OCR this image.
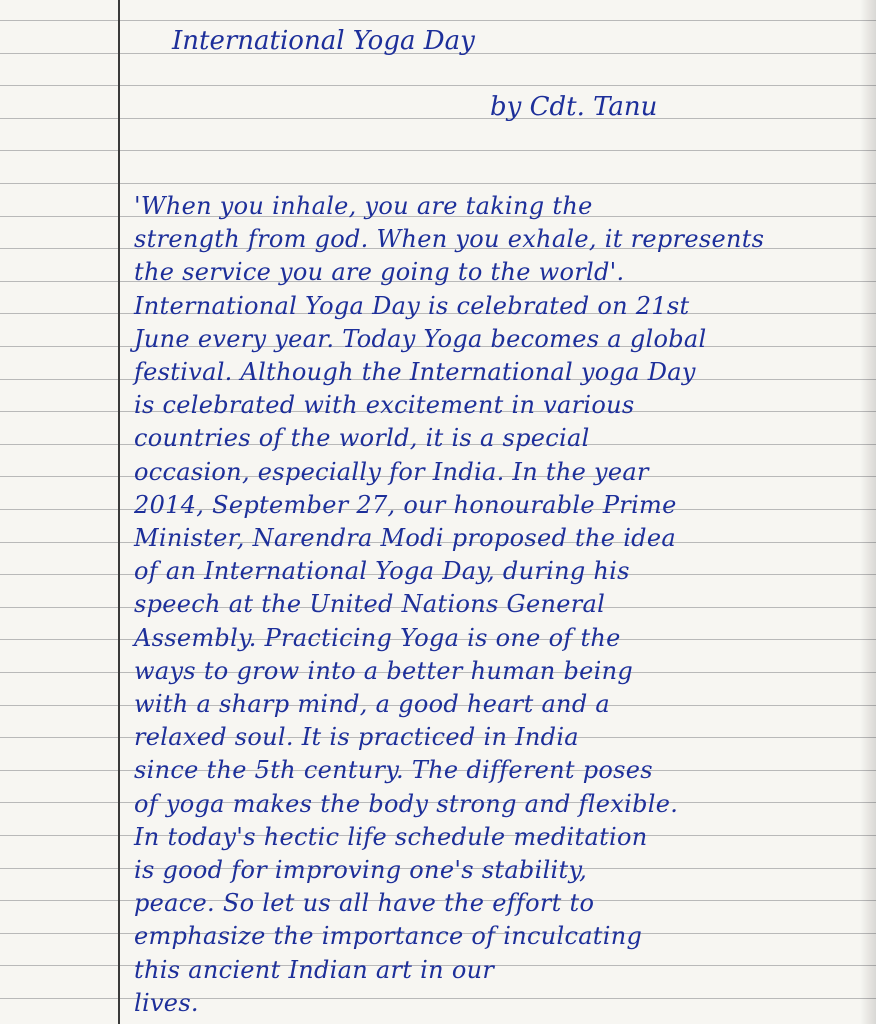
International Yoga Day
by Cdt. Tanu
'When you inhale, you are taking the
strength from god. When you exhale, it represents
the service you are going to the world'.
International Yoga Day is celebrated on 21st
June every year. Today Yoga becomes a global
festival. Although the International yoga Day
is celebrated with excitement in various
countries of the world, it is a special
occasion, especially for India. In the year
2014, September 27, our honourable Prime
Minister, Narendra Modi proposed the idea
of an International Yoga Day, during his
speech at the United Nations General
Assembly. Practicing Yoga is one of the
ways to grow into a better human being
with a sharp mind, a good heart and a
relaxed soul. It is practiced in India
since the 5th century. The different poses
of yoga makes the body strong and flexible.
In today's hectic life schedule meditation
is good for improving one's stability,
peace. So let us all have the effort to
emphasize the importance of inculcating
this ancient Indian art in our
lives.
